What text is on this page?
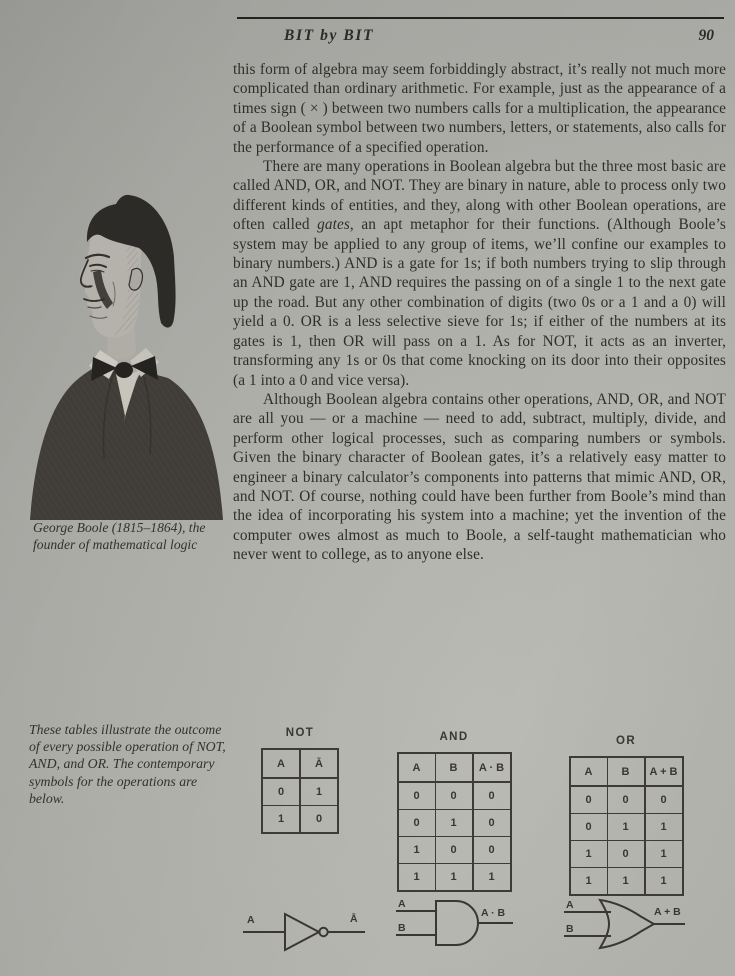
BIT by BIT	90
George Boole (1815–1864), the founder of mathematical logic

this form of algebra may seem forbiddingly abstract, it’s really not much more complicated than ordinary arithmetic. For example, just as the appearance of a times sign ( × ) between two numbers calls for a multiplication, the appearance of a Boolean symbol between two numbers, letters, or statements, also calls for the performance of a specified operation.

There are many operations in Boolean algebra but the three most basic are called AND, OR, and NOT. They are binary in nature, able to process only two different kinds of entities, and they, along with other Boolean operations, are often called gates, an apt metaphor for their functions. (Although Boole’s system may be applied to any group of items, we’ll confine our examples to binary numbers.) AND is a gate for 1s; if both numbers trying to slip through an AND gate are 1, AND requires the passing on of a single 1 to the next gate up the road. But any other combination of digits (two 0s or a 1 and a 0) will yield a 0. OR is a less selective sieve for 1s; if either of the numbers at its gates is 1, then OR will pass on a 1. As for NOT, it acts as an inverter, transforming any 1s or 0s that come knocking on its door into their opposites (a 1 into a 0 and vice versa).

Although Boolean algebra contains other operations, AND, OR, and NOT are all you — or a machine — need to add, subtract, multiply, divide, and perform other logical processes, such as comparing numbers or symbols. Given the binary character of Boolean gates, it’s a relatively easy matter to engineer a binary calculator’s components into patterns that mimic AND, OR, and NOT. Of course, nothing could have been further from Boole’s mind than the idea of incorporating his system into a machine; yet the invention of the computer owes almost as much to Boole, a self-taught mathematician who never went to college, as to anyone else.

These tables illustrate the outcome of every possible operation of NOT, AND, and OR. The contemporary symbols for the operations are below.
NOT
A	Ā
0	1
1	0
AND
A	B	A · B
0	0	0
0	1	0
1	0	0
1	1	1
OR
A	B	A + B
0	0	0
0	1	1
1	0	1
1	1	1
A	Ā
A
B
A · B
A
B
A + B
